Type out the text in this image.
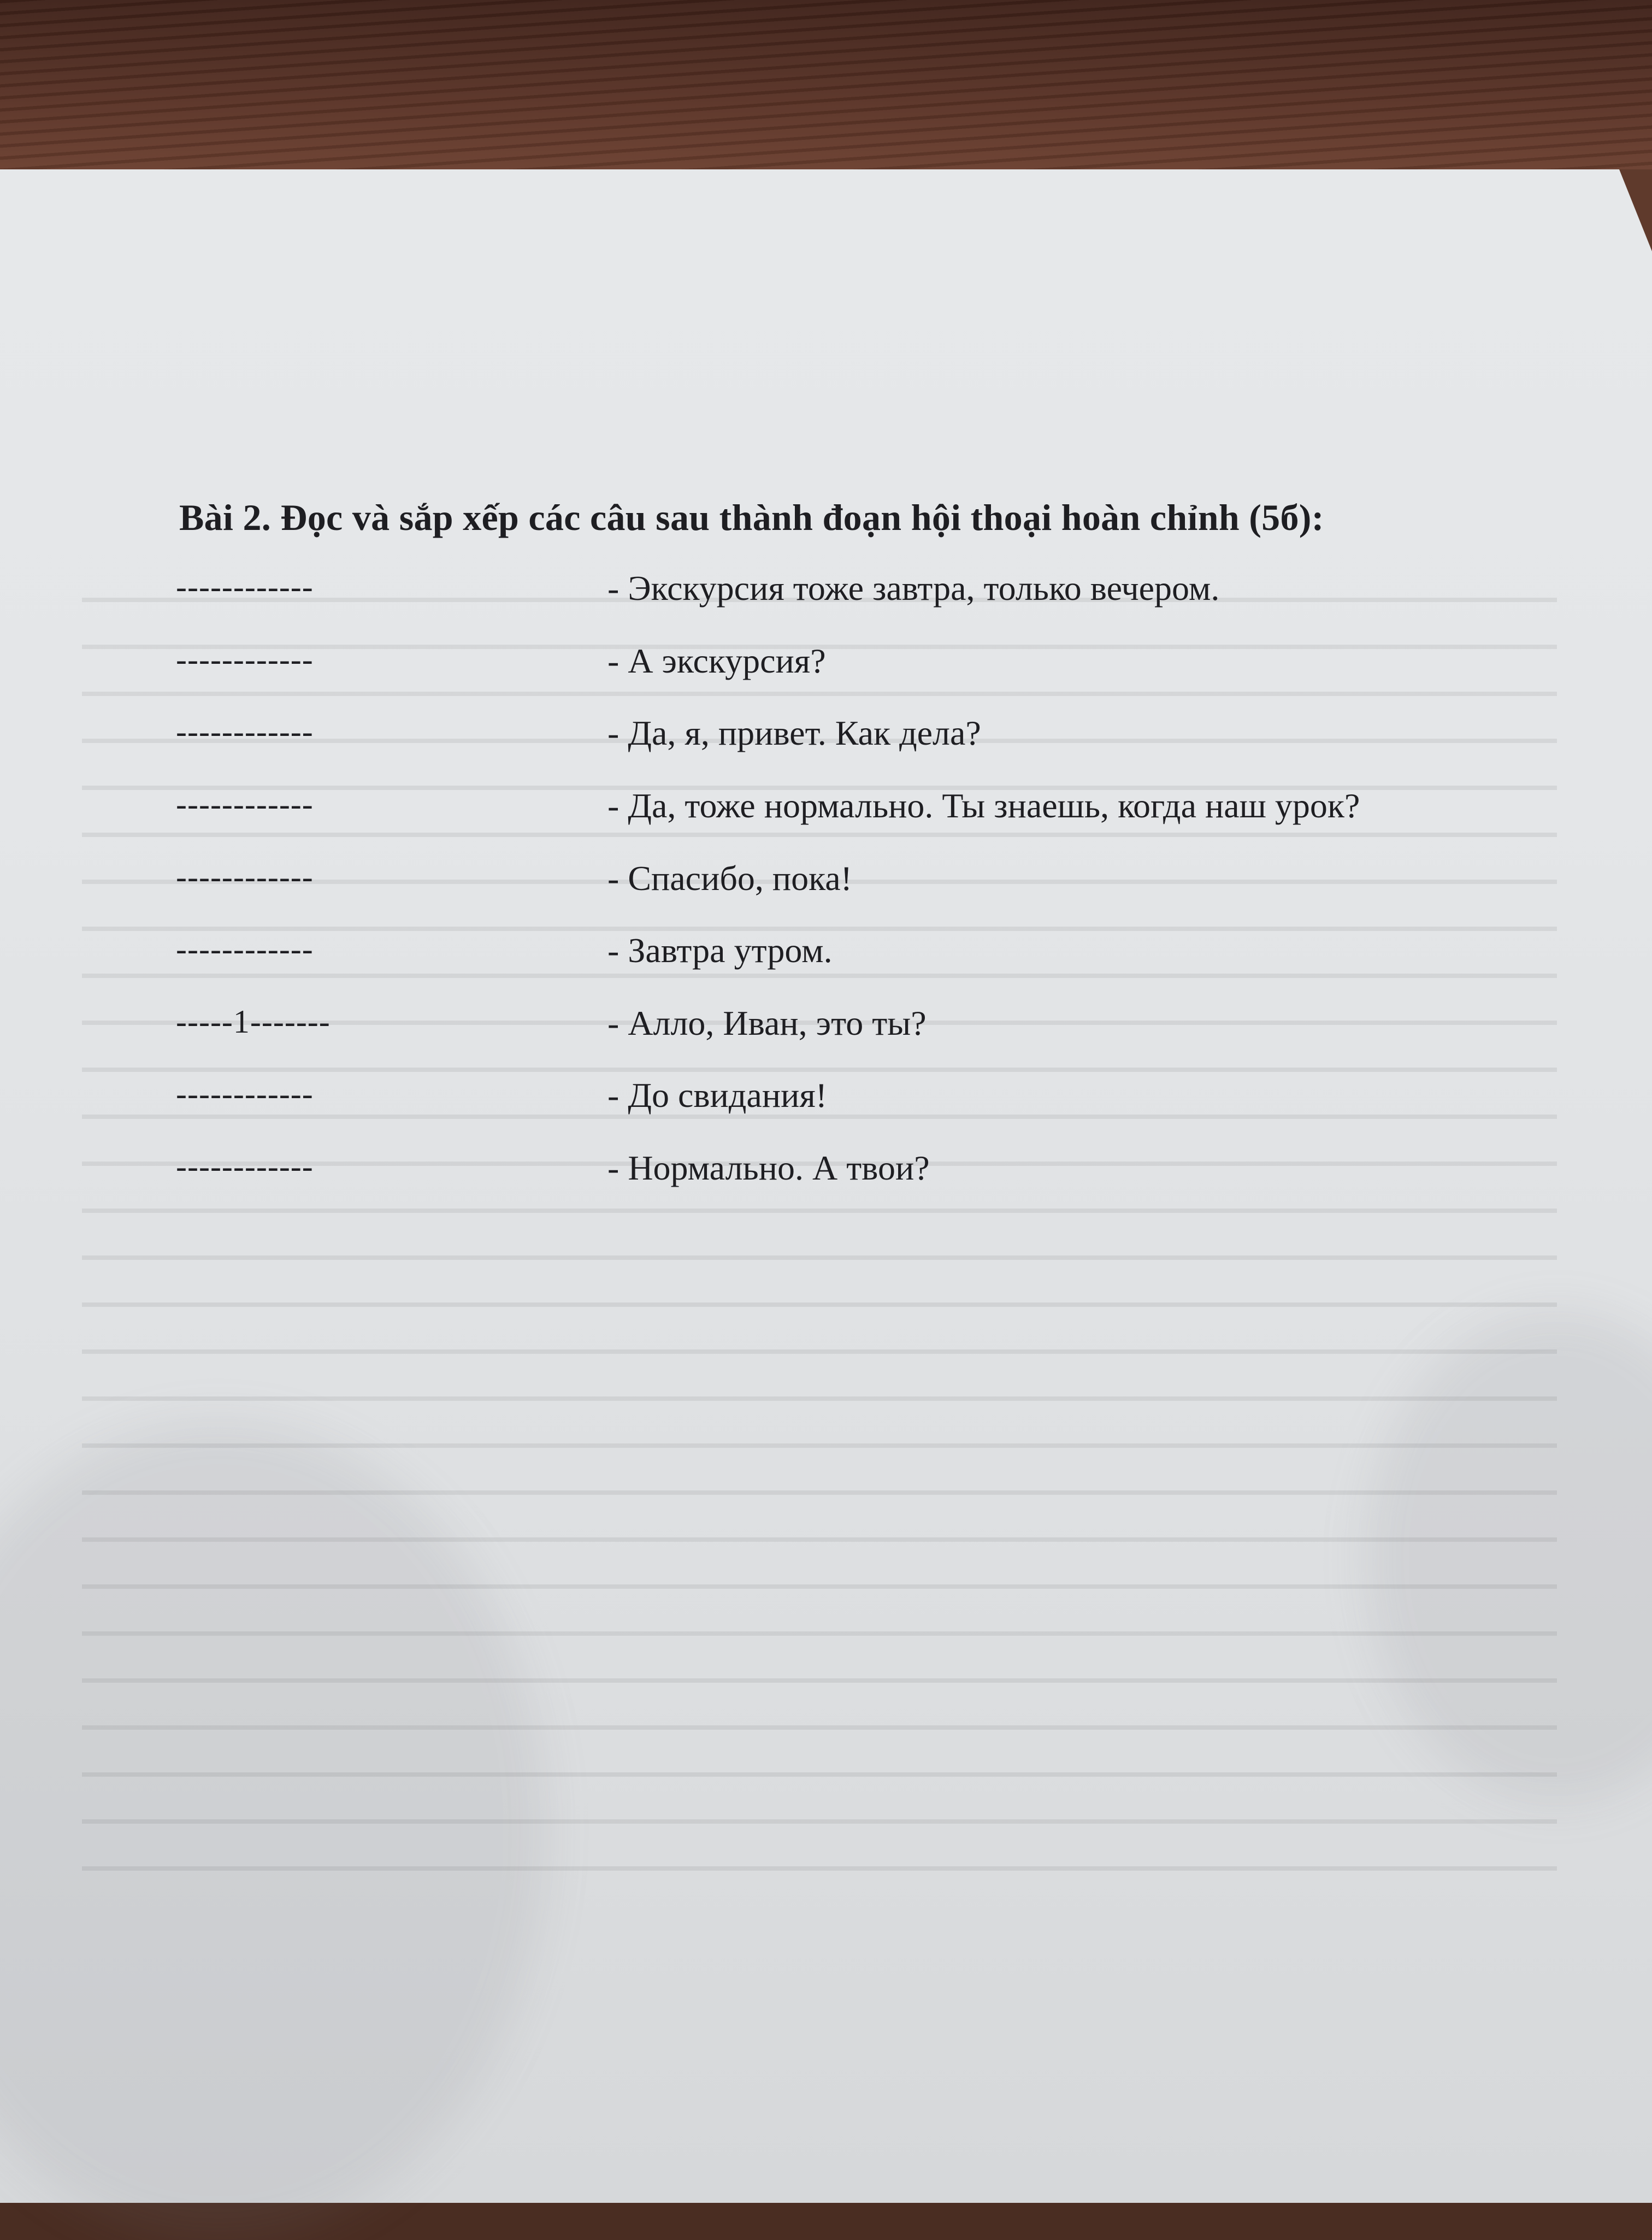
Bài 2. Đọc và sắp xếp các câu sau thành đoạn hội thoại hoàn chỉnh (5б):
------------	- Экскурсия тоже завтра, только вечером.
------------	- А экскурсия?
------------	- Да, я, привет. Как дела?
------------	- Да, тоже нормально. Ты знаешь, когда наш урок?
------------	- Спасибо, пока!
------------	- Завтра утром.
-----1-------	- Алло, Иван, это ты?
------------	- До свидания!
------------	- Нормально. А твои?
